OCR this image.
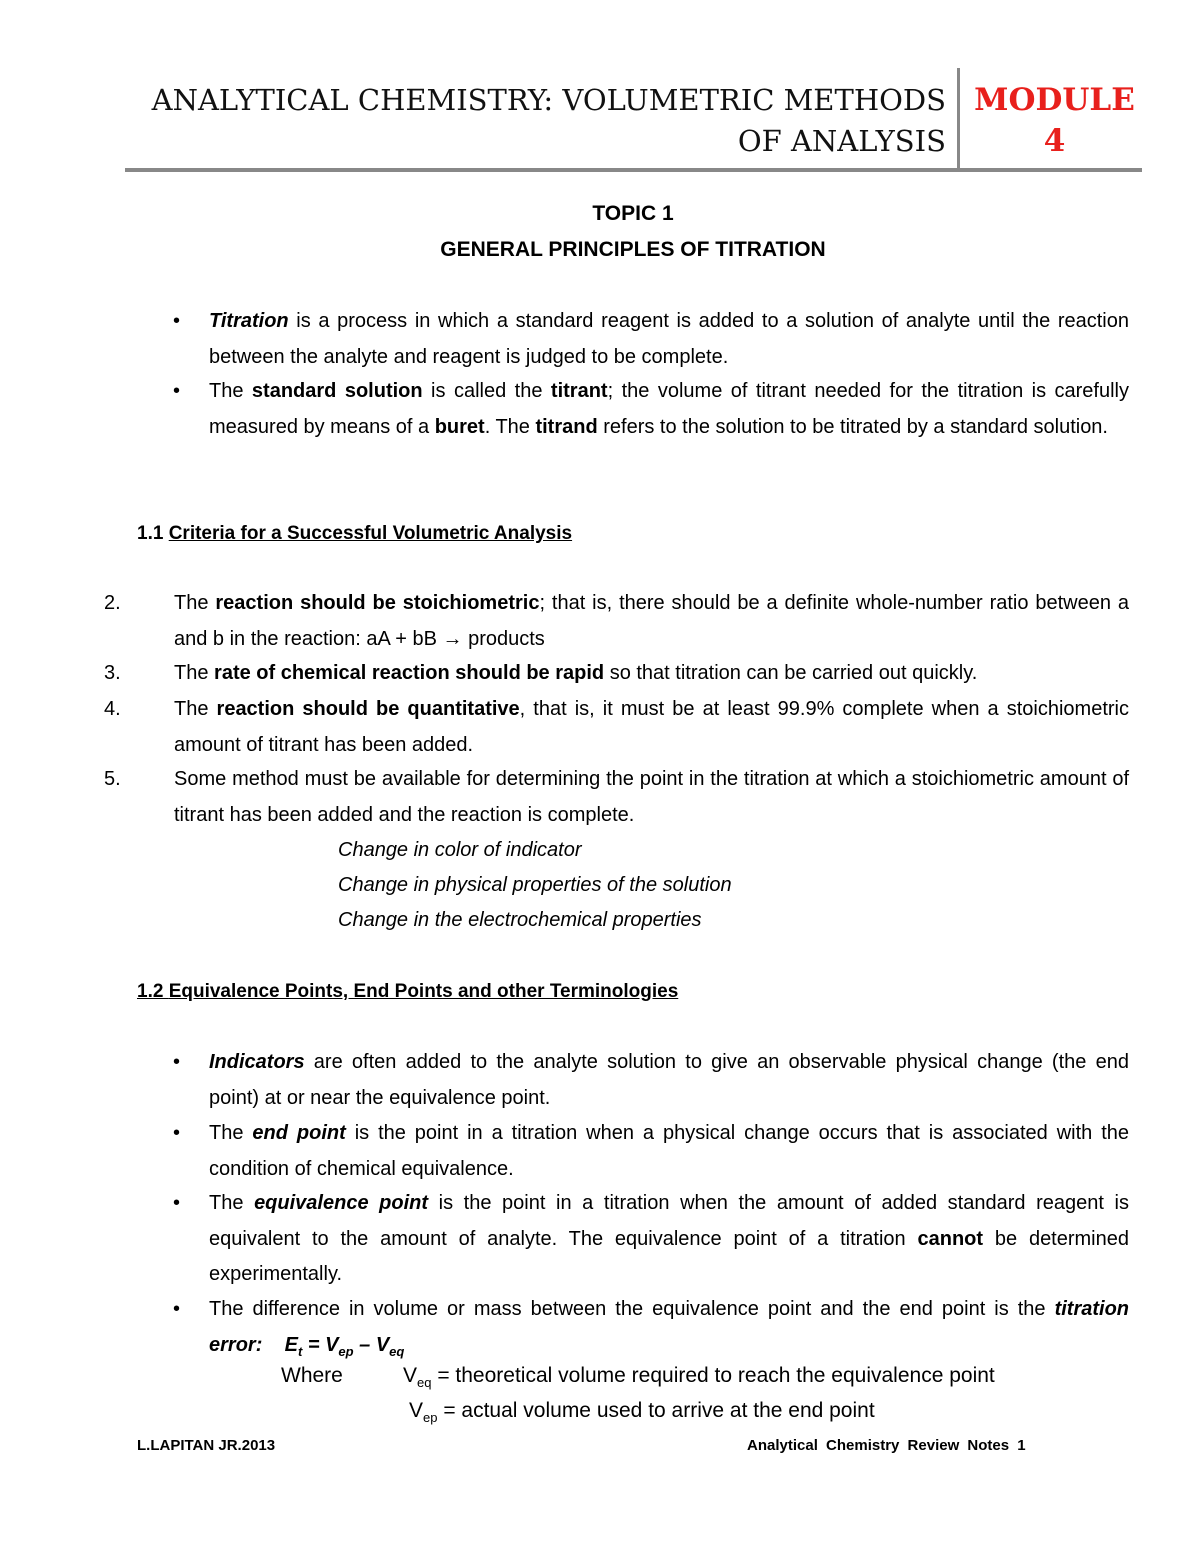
ANALYTICAL CHEMISTRY: VOLUMETRIC METHODS
OF ANALYSIS
MODULE
4
TOPIC 1
GENERAL PRINCIPLES OF TITRATION
• Titration is a process in which a standard reagent is added to a solution of analyte until the reaction between the analyte and reagent is judged to be complete.
• The standard solution is called the titrant; the volume of titrant needed for the titration is carefully measured by means of a buret. The titrand refers to the solution to be titrated by a standard solution.
1.1 Criteria for a Successful Volumetric Analysis
2.	The reaction should be stoichiometric; that is, there should be a definite whole-number ratio between a and b in the reaction: aA + bB → products
3.	The rate of chemical reaction should be rapid so that titration can be carried out quickly.
4.	The reaction should be quantitative, that is, it must be at least 99.9% complete when a stoichiometric amount of titrant has been added.
5.	Some method must be available for determining the point in the titration at which a stoichiometric amount of titrant has been added and the reaction is complete.
Change in color of indicator
Change in physical properties of the solution
Change in the electrochemical properties
1.2 Equivalence Points, End Points and other Terminologies
• Indicators are often added to the analyte solution to give an observable physical change (the end point) at or near the equivalence point.
• The end point is the point in a titration when a physical change occurs that is associated with the condition of chemical equivalence.
• The equivalence point is the point in a titration when the amount of added standard reagent is equivalent to the amount of analyte. The equivalence point of a titration cannot be determined experimentally.
• The difference in volume or mass between the equivalence point and the end point is the titration error: $E_t = V_{ep} - V_{eq}$
Where	$V_{eq}$ = theoretical volume required to reach the equivalence point
$V_{ep}$ = actual volume used to arrive at the end point
L.LAPITAN JR.2013	Analytical Chemistry Review Notes 1
